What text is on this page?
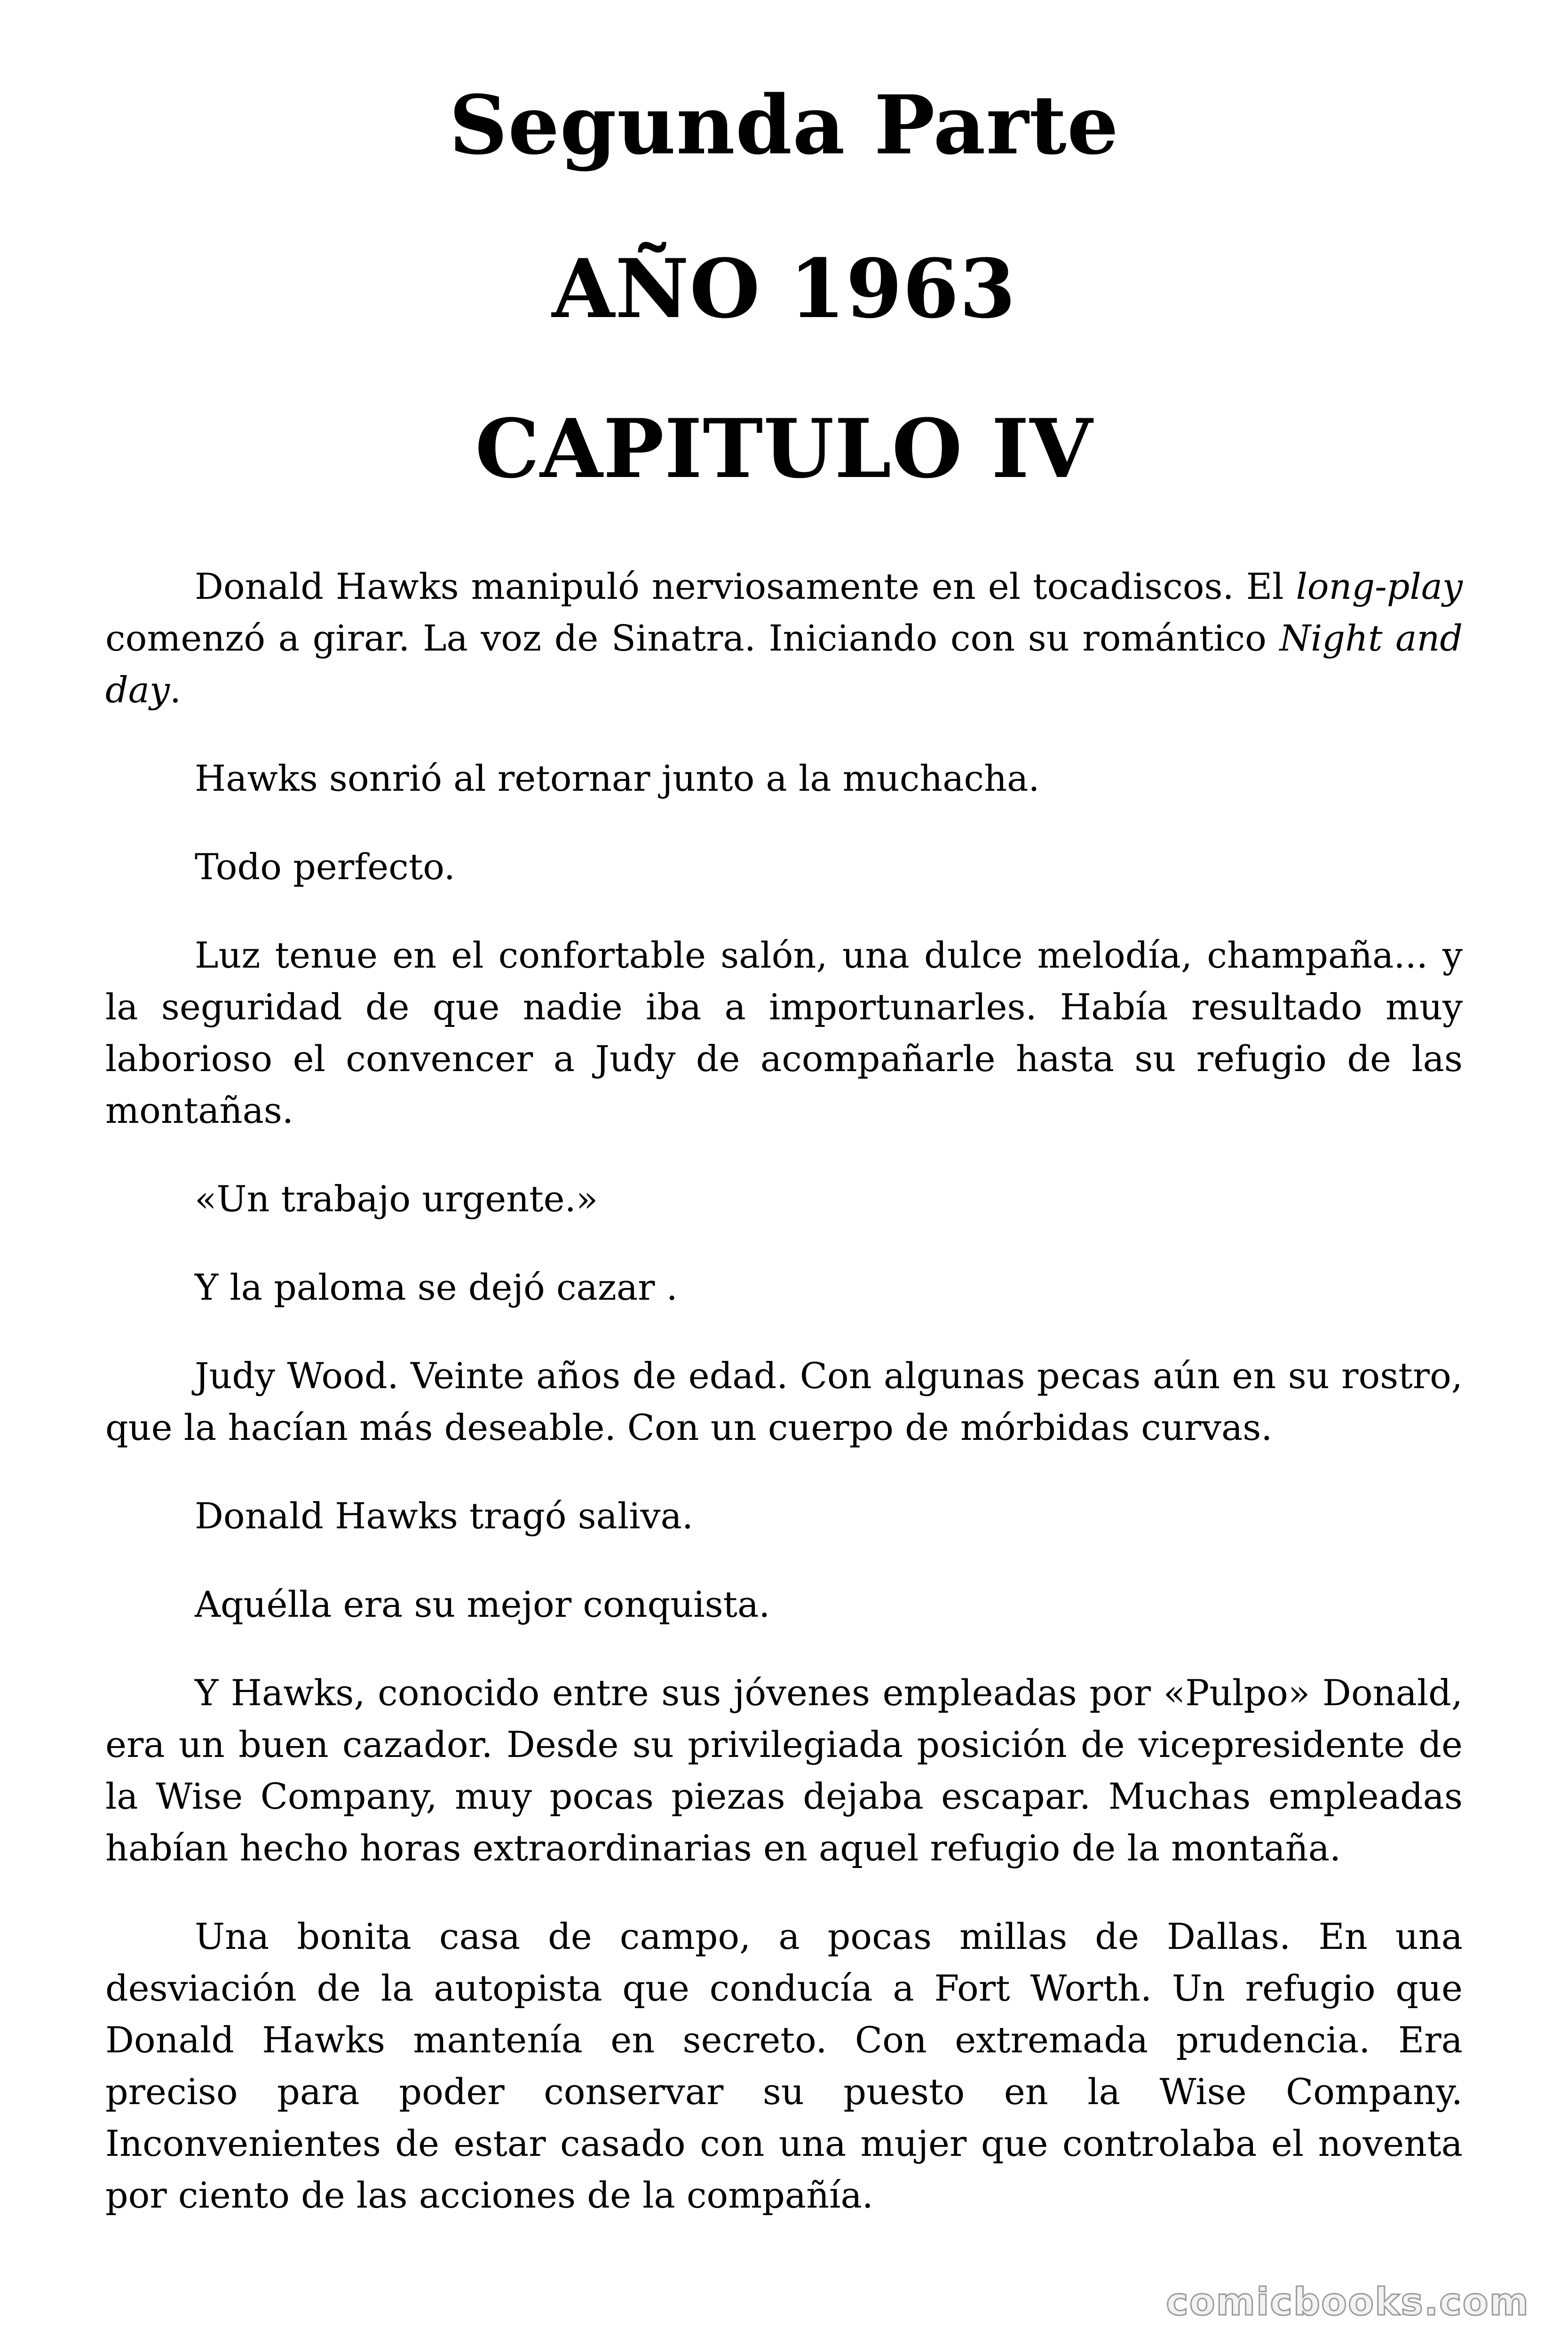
Segunda Parte
AÑO 1963
CAPITULO IV

Donald Hawks manipuló nerviosamente en el tocadiscos. El long-play comenzó a girar. La voz de Sinatra. Iniciando con su romántico Night and day.

Hawks sonrió al retornar junto a la muchacha.

Todo perfecto.

Luz tenue en el confortable salón, una dulce melodía, champaña... y la seguridad de que nadie iba a importunarles. Había resultado muy laborioso el convencer a Judy de acompañarle hasta su refugio de las montañas.

«Un trabajo urgente.»

Y la paloma se dejó cazar .

Judy Wood. Veinte años de edad. Con algunas pecas aún en su rostro, que la hacían más deseable. Con un cuerpo de mórbidas curvas.

Donald Hawks tragó saliva.

Aquélla era su mejor conquista.

Y Hawks, conocido entre sus jóvenes empleadas por «Pulpo» Donald, era un buen cazador. Desde su privilegiada posición de vicepresidente de la Wise Company, muy pocas piezas dejaba escapar. Muchas empleadas habían hecho horas extraordinarias en aquel refugio de la montaña.

Una bonita casa de campo, a pocas millas de Dallas. En una desviación de la autopista que conducía a Fort Worth. Un refugio que Donald Hawks mantenía en secreto. Con extremada prudencia. Era preciso para poder conservar su puesto en la Wise Company. Inconvenientes de estar casado con una mujer que controlaba el noventa por ciento de las acciones de la compañía.

comicbooks.com
